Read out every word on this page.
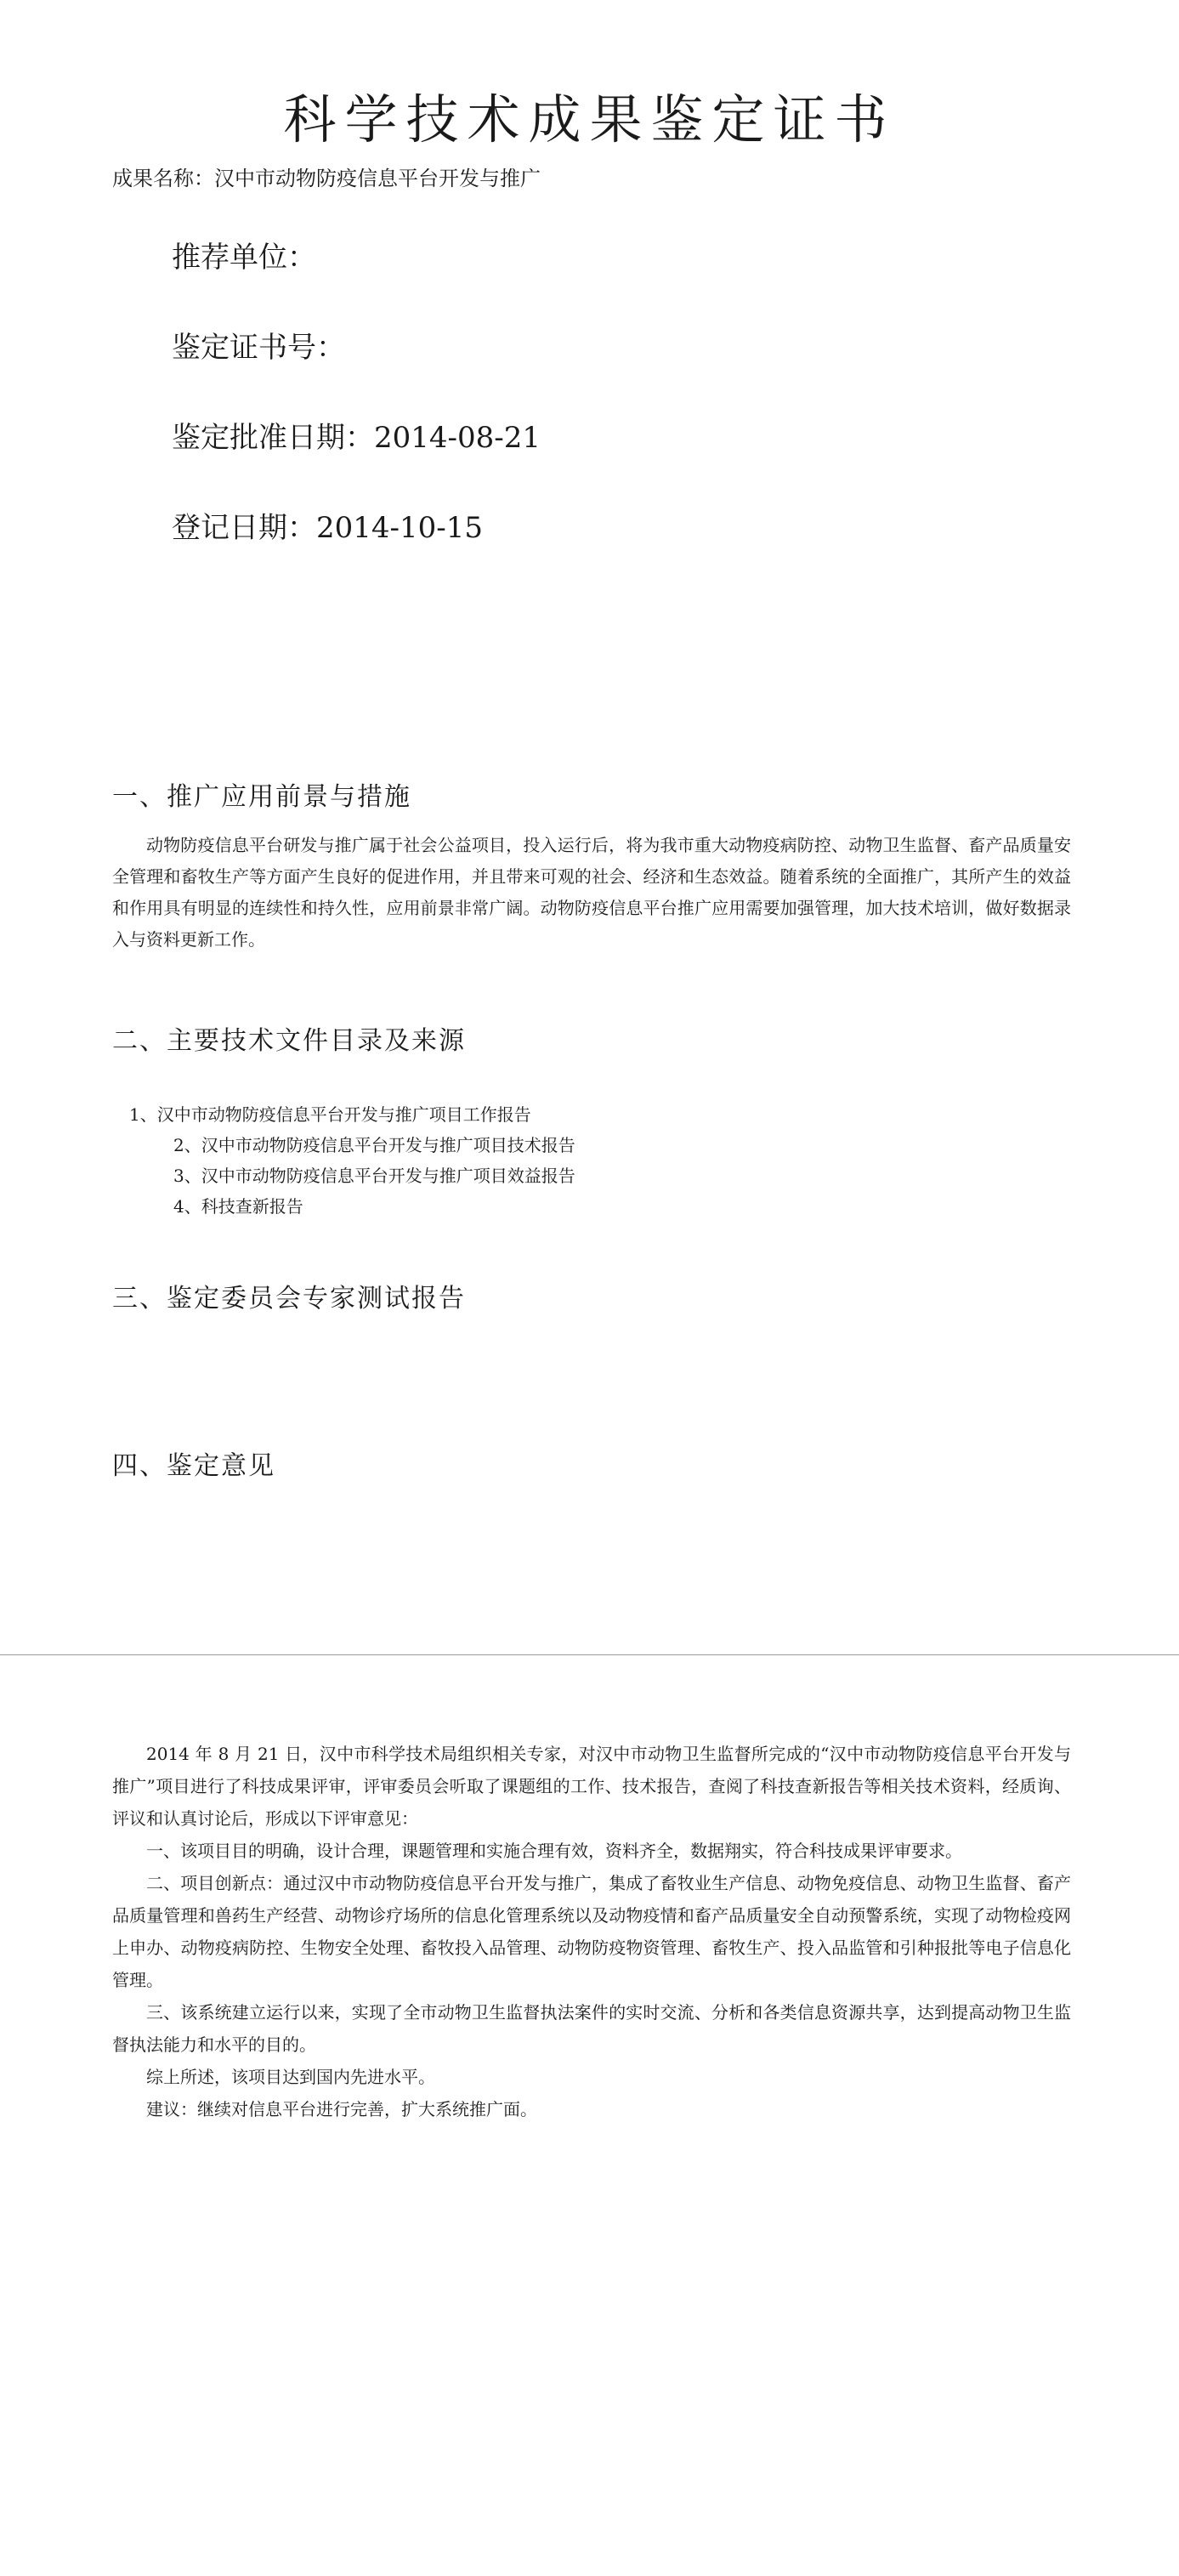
科学技术成果鉴定证书
成果名称：汉中市动物防疫信息平台开发与推广
推荐单位：
鉴定证书号：
鉴定批准日期：2014-08-21
登记日期：2014-10-15
一、推广应用前景与措施
动物防疫信息平台研发与推广属于社会公益项目，投入运行后，将为我市重大动物疫病防控、动物卫生监督、畜产品质量安全管理和畜牧生产等方面产生良好的促进作用，并且带来可观的社会、经济和生态效益。随着系统的全面推广，其所产生的效益和作用具有明显的连续性和持久性，应用前景非常广阔。动物防疫信息平台推广应用需要加强管理，加大技术培训，做好数据录入与资料更新工作。
二、主要技术文件目录及来源
1、汉中市动物防疫信息平台开发与推广项目工作报告
2、汉中市动物防疫信息平台开发与推广项目技术报告
3、汉中市动物防疫信息平台开发与推广项目效益报告
4、科技查新报告
三、鉴定委员会专家测试报告
四、鉴定意见

2014 年 8 月 21 日，汉中市科学技术局组织相关专家，对汉中市动物卫生监督所完成的“汉中市动物防疫信息平台开发与推广”项目进行了科技成果评审，评审委员会听取了课题组的工作、技术报告，查阅了科技查新报告等相关技术资料，经质询、评议和认真讨论后，形成以下评审意见：

一、该项目目的明确，设计合理，课题管理和实施合理有效，资料齐全，数据翔实，符合科技成果评审要求。

二、项目创新点：通过汉中市动物防疫信息平台开发与推广，集成了畜牧业生产信息、动物免疫信息、动物卫生监督、畜产品质量管理和兽药生产经营、动物诊疗场所的信息化管理系统以及动物疫情和畜产品质量安全自动预警系统，实现了动物检疫网上申办、动物疫病防控、生物安全处理、畜牧投入品管理、动物防疫物资管理、畜牧生产、投入品监管和引种报批等电子信息化管理。

三、该系统建立运行以来，实现了全市动物卫生监督执法案件的实时交流、分析和各类信息资源共享，达到提高动物卫生监督执法能力和水平的目的。

综上所述，该项目达到国内先进水平。

建议：继续对信息平台进行完善，扩大系统推广面。
